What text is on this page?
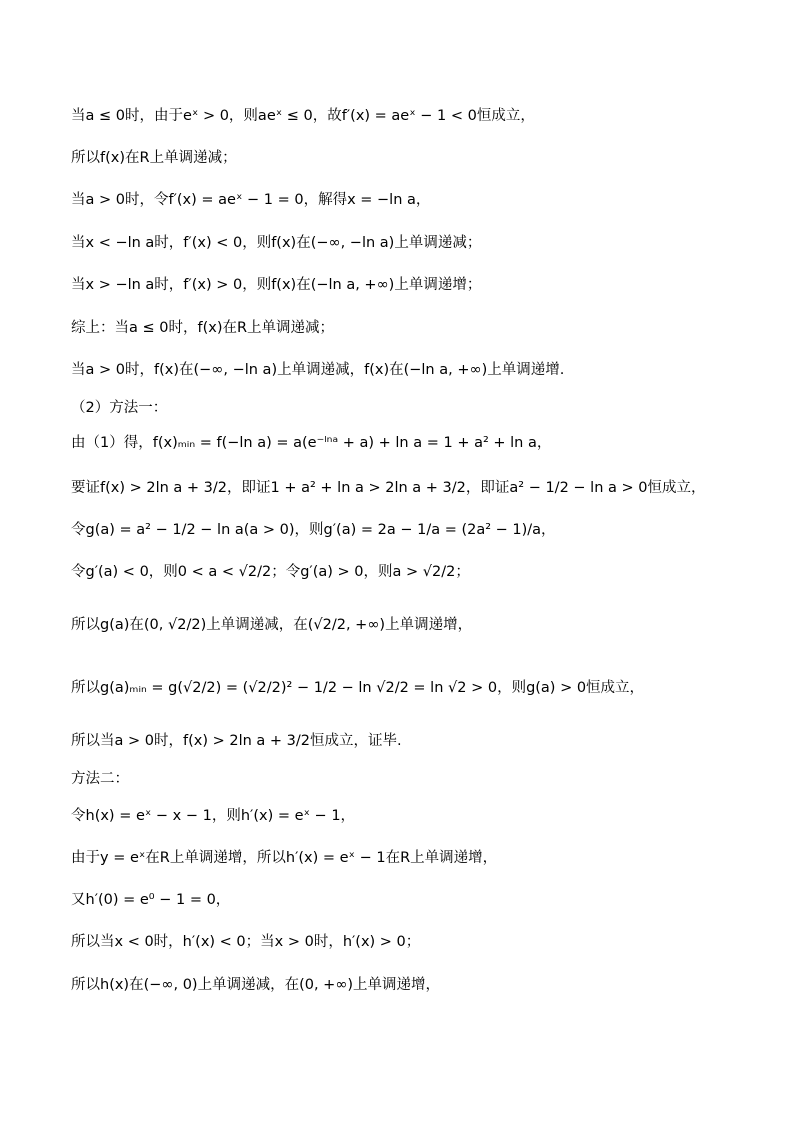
当a ≤ 0时，由于eˣ > 0，则aeˣ ≤ 0，故f′(x) = aeˣ − 1 < 0恒成立，
所以f(x)在R上单调递减；
当a > 0时，令f′(x) = aeˣ − 1 = 0，解得x = −ln a，
当x < −ln a时，f′(x) < 0，则f(x)在(−∞, −ln a)上单调递减；
当x > −ln a时，f′(x) > 0，则f(x)在(−ln a, +∞)上单调递增；
综上：当a ≤ 0时，f(x)在R上单调递减；
当a > 0时，f(x)在(−∞, −ln a)上单调递减，f(x)在(−ln a, +∞)上单调递增.
（2）方法一：
由（1）得，f(x)ₘᵢₙ = f(−ln a) = a(e⁻ˡⁿᵃ + a) + ln a = 1 + a² + ln a，
要证f(x) > 2ln a + 3/2，即证1 + a² + ln a > 2ln a + 3/2，即证a² − 1/2 − ln a > 0恒成立，
令g(a) = a² − 1/2 − ln a(a > 0)，则g′(a) = 2a − 1/a = (2a² − 1)/a，
令g′(a) < 0，则0 < a < √2/2；令g′(a) > 0，则a > √2/2；
所以g(a)在(0, √2/2)上单调递减，在(√2/2, +∞)上单调递增，
所以g(a)ₘᵢₙ = g(√2/2) = (√2/2)² − 1/2 − ln √2/2 = ln √2 > 0，则g(a) > 0恒成立，
所以当a > 0时，f(x) > 2ln a + 3/2恒成立，证毕.
方法二：
令h(x) = eˣ − x − 1，则h′(x) = eˣ − 1，
由于y = eˣ在R上单调递增，所以h′(x) = eˣ − 1在R上单调递增，
又h′(0) = e⁰ − 1 = 0，
所以当x < 0时，h′(x) < 0；当x > 0时，h′(x) > 0；
所以h(x)在(−∞, 0)上单调递减，在(0, +∞)上单调递增，
